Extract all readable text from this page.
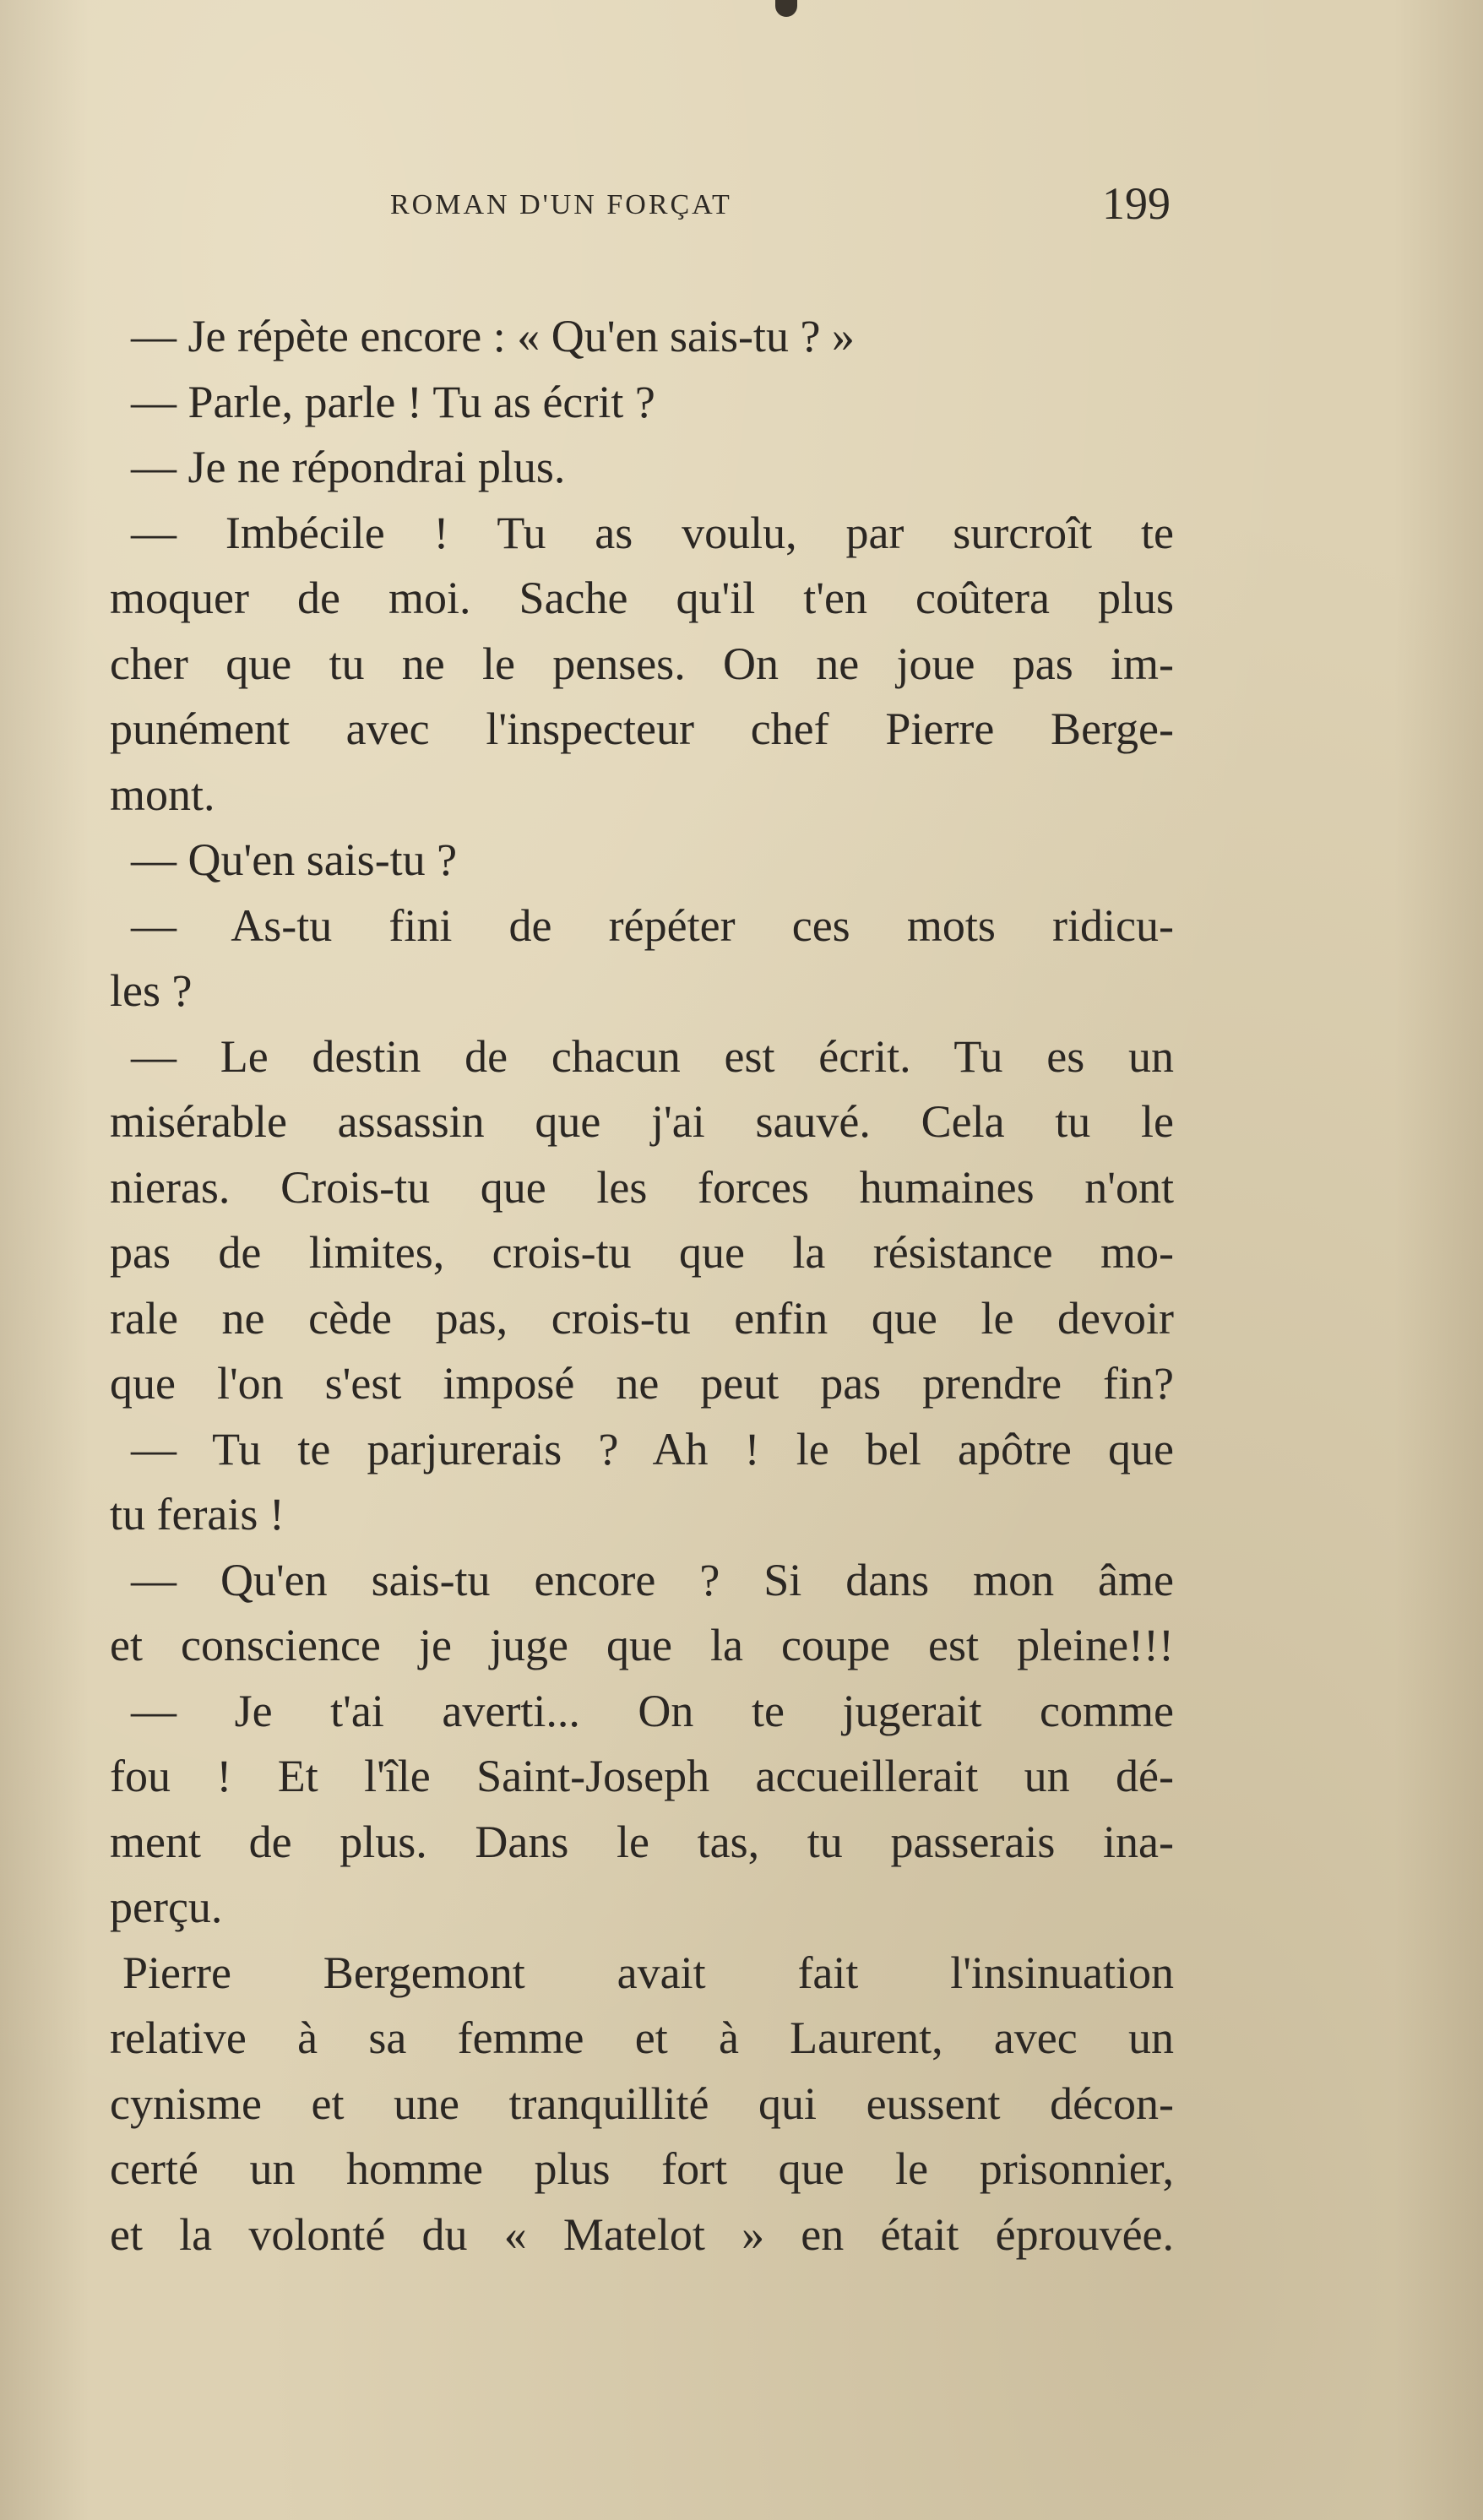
ROMAN D'UN FORÇAT	199
— Je répète encore : « Qu'en sais-tu ? »
— Parle, parle ! Tu as écrit ?
— Je ne répondrai plus.
— Imbécile ! Tu as voulu, par surcroît te
moquer de moi. Sache qu'il t'en coûtera plus
cher que tu ne le penses. On ne joue pas im-
punément avec l'inspecteur chef Pierre Berge-
mont.
— Qu'en sais-tu ?
— As-tu fini de répéter ces mots ridicu-
les ?
— Le destin de chacun est écrit. Tu es un
misérable assassin que j'ai sauvé. Cela tu le
nieras. Crois-tu que les forces humaines n'ont
pas de limites, crois-tu que la résistance mo-
rale ne cède pas, crois-tu enfin que le devoir
que l'on s'est imposé ne peut pas prendre fin?
— Tu te parjurerais ? Ah ! le bel apôtre que
tu ferais !
— Qu'en sais-tu encore ? Si dans mon âme
et conscience je juge que la coupe est pleine!!!
— Je t'ai averti... On te jugerait comme
fou ! Et l'île Saint-Joseph accueillerait un dé-
ment de plus. Dans le tas, tu passerais ina-
perçu.
Pierre Bergemont avait fait l'insinuation
relative à sa femme et à Laurent, avec un
cynisme et une tranquillité qui eussent décon-
certé un homme plus fort que le prisonnier,
et la volonté du « Matelot » en était éprouvée.
